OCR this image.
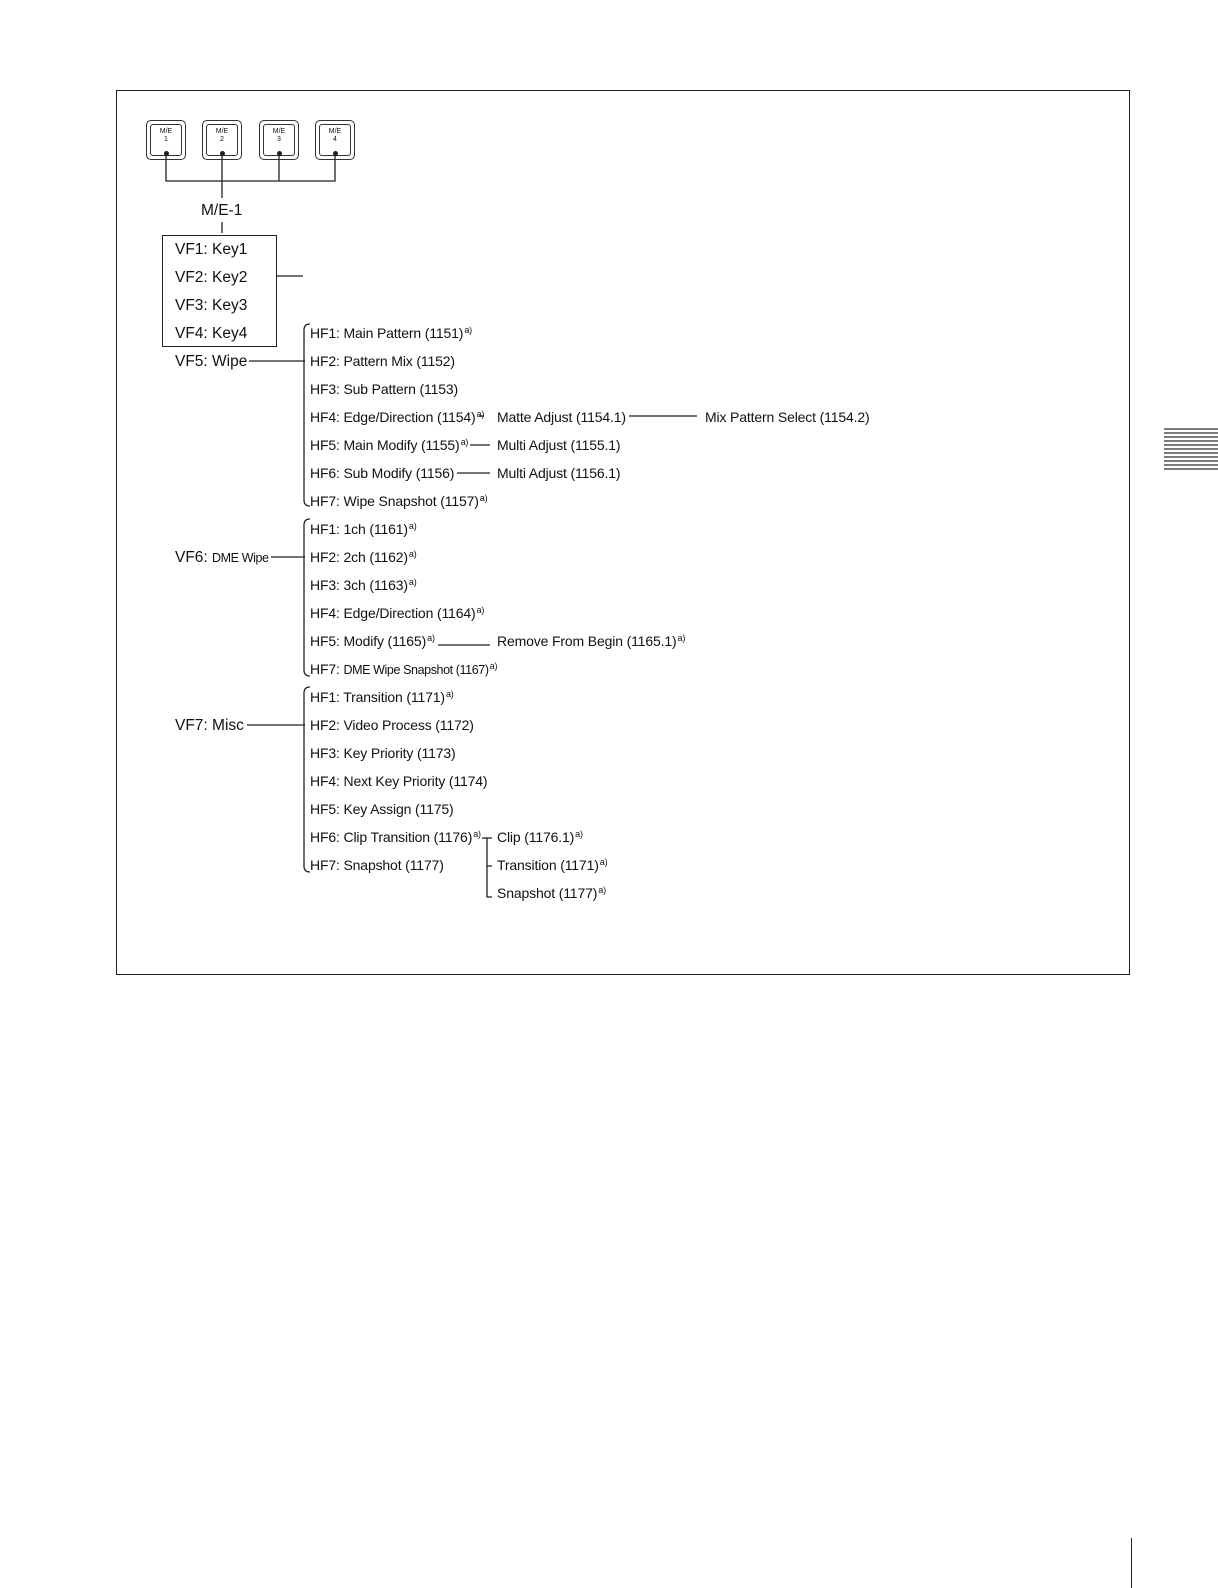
M/E
1
M/E
2
M/E
3
M/E
4
M/E-1
VF1: Key1
VF2: Key2
VF3: Key3
VF4: Key4
VF5: Wipe
HF1: Main Pattern $(1151)^{a)}$
HF2: Pattern Mix (1152)
HF3: Sub Pattern (1153)
HF4: Edge/Direction $(1154)^{a)}$
HF5: Main Modify $(1155)^{a)}$
HF6: Sub Modify (1156)
HF7: Wipe Snapshot $(1157)^{a)}$
Matte Adjust (1154.1)	Mix Pattern Select (1154.2)
Multi Adjust (1155.1)
Multi Adjust (1156.1)
VF6: DME Wipe
HF1: 1ch $(1161)^{a)}$
HF2: 2ch $(1162)^{a)}$
HF3: 3ch $(1163)^{a)}$
HF4: Edge/Direction $(1164)^{a)}$
HF5: Modify $(1165)^{a)}$
HF7: DME Wipe Snapshot $(1167)^{a)}$
Remove From Begin $(1165.1)^{a)}$
VF7: Misc
HF1: Transition $(1171)^{a)}$
HF2: Video Process (1172)
HF3: Key Priority (1173)
HF4: Next Key Priority (1174)
HF5: Key Assign (1175)
HF6: Clip Transition $(1176)^{a)}$
HF7: Snapshot (1177)
Clip $(1176.1)^{a)}$
Transition $(1171)^{a)}$
Snapshot $(1177)^{a)}$
